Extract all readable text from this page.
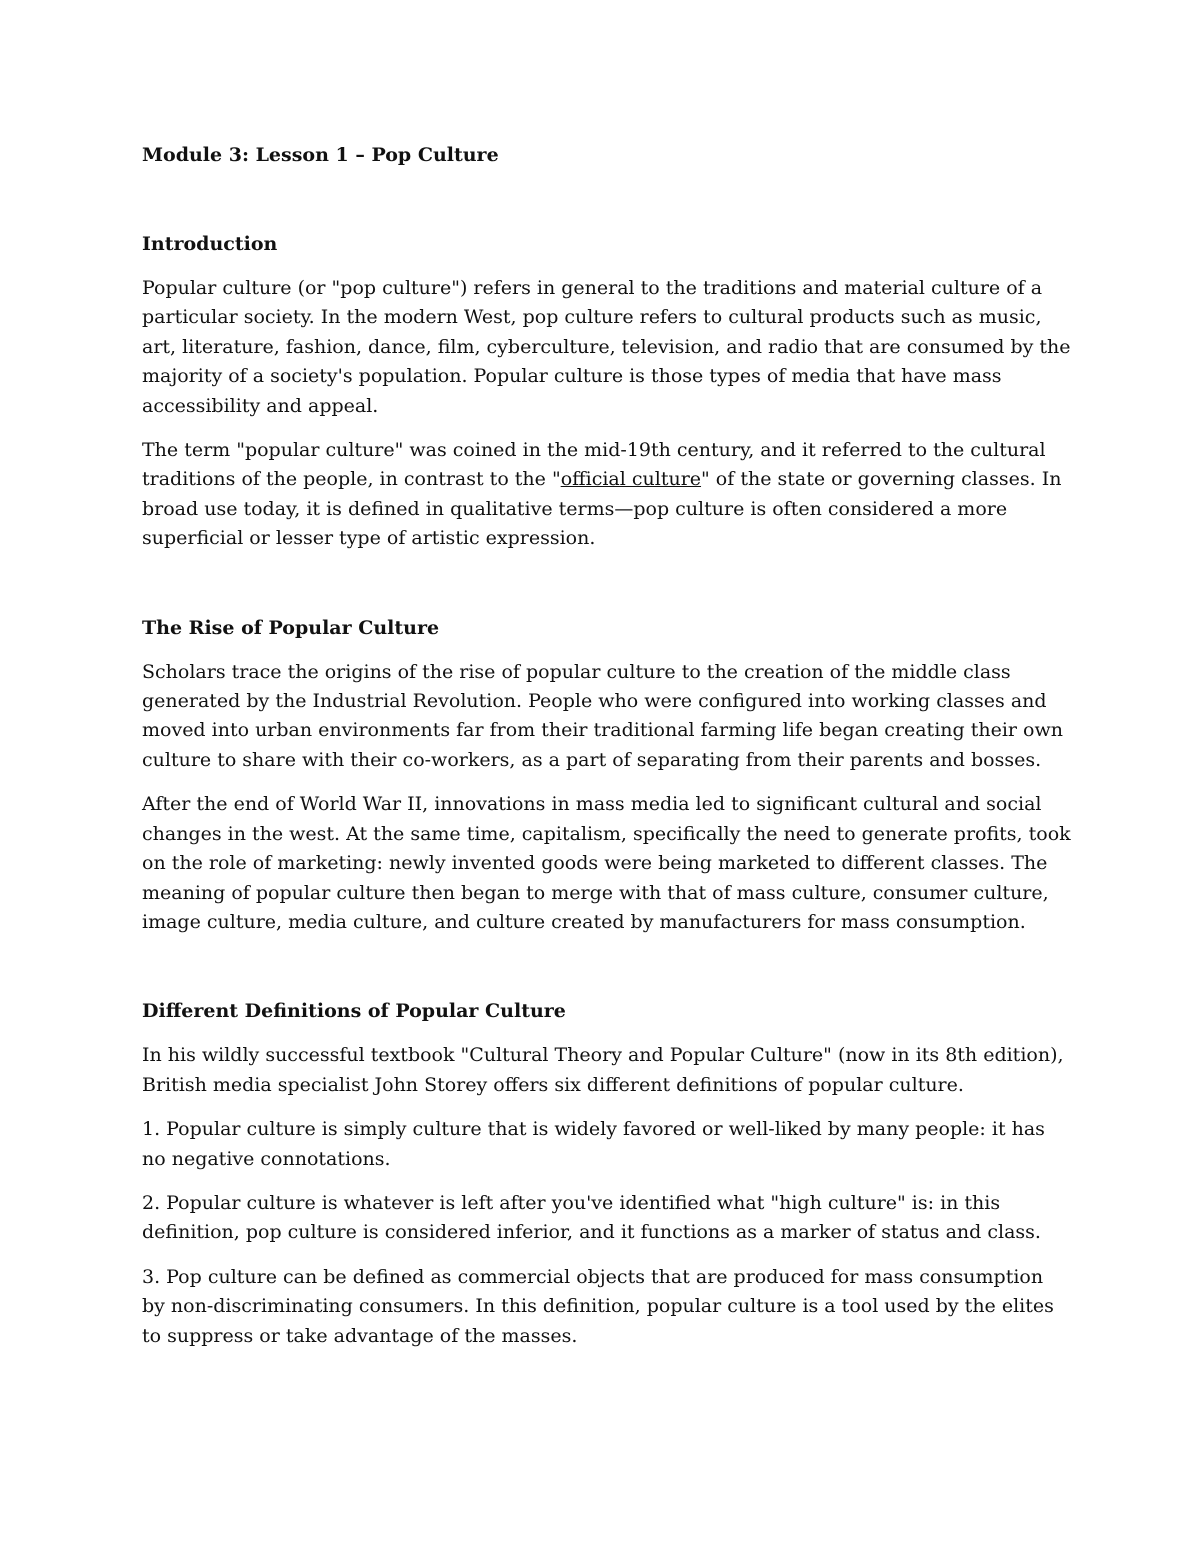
Module 3: Lesson 1 – Pop Culture

Introduction

Popular culture (or "pop culture") refers in general to the traditions and material culture of a particular society. In the modern West, pop culture refers to cultural products such as music, art, literature, fashion, dance, film, cyberculture, television, and radio that are consumed by the majority of a society's population. Popular culture is those types of media that have mass accessibility and appeal.

The term "popular culture" was coined in the mid-19th century, and it referred to the cultural traditions of the people, in contrast to the "official culture" of the state or governing classes. In broad use today, it is defined in qualitative terms—pop culture is often considered a more superficial or lesser type of artistic expression.

The Rise of Popular Culture

Scholars trace the origins of the rise of popular culture to the creation of the middle class generated by the Industrial Revolution. People who were configured into working classes and moved into urban environments far from their traditional farming life began creating their own culture to share with their co-workers, as a part of separating from their parents and bosses.

After the end of World War II, innovations in mass media led to significant cultural and social changes in the west. At the same time, capitalism, specifically the need to generate profits, took on the role of marketing: newly invented goods were being marketed to different classes. The meaning of popular culture then began to merge with that of mass culture, consumer culture, image culture, media culture, and culture created by manufacturers for mass consumption.

Different Definitions of Popular Culture

In his wildly successful textbook "Cultural Theory and Popular Culture" (now in its 8th edition), British media specialist John Storey offers six different definitions of popular culture.

1. Popular culture is simply culture that is widely favored or well-liked by many people: it has no negative connotations.

2. Popular culture is whatever is left after you've identified what "high culture" is: in this definition, pop culture is considered inferior, and it functions as a marker of status and class.

3. Pop culture can be defined as commercial objects that are produced for mass consumption by non-discriminating consumers. In this definition, popular culture is a tool used by the elites to suppress or take advantage of the masses.
